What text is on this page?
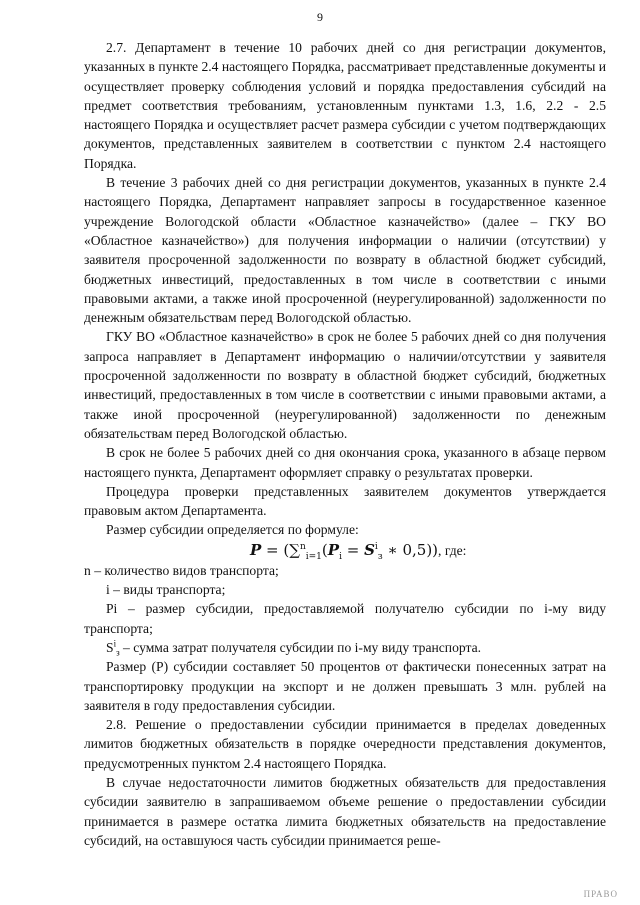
9

2.7. Департамент в течение 10 рабочих дней со дня регистрации документов, указанных в пункте 2.4 настоящего Порядка, рассматривает представленные документы и осуществляет проверку соблюдения условий и порядка предоставления субсидий на предмет соответствия требованиям, установленным пунктами 1.3, 1.6, 2.2 - 2.5 настоящего Порядка и осуществляет расчет размера субсидии с учетом подтверждающих документов, представленных заявителем в соответствии с пунктом 2.4 настоящего Порядка.

В течение 3 рабочих дней со дня регистрации документов, указанных в пункте 2.4 настоящего Порядка, Департамент направляет запросы в государственное казенное учреждение Вологодской области «Областное казначейство» (далее – ГКУ ВО «Областное казначейство») для получения информации о наличии (отсутствии) у заявителя просроченной задолженности по возврату в областной бюджет субсидий, бюджетных инвестиций, предоставленных в том числе в соответствии с иными правовыми актами, а также иной просроченной (неурегулированной) задолженности по денежным обязательствам перед Вологодской областью.

ГКУ ВО «Областное казначейство» в срок не более 5 рабочих дней со дня получения запроса направляет в Департамент информацию о наличии/отсутствии у заявителя просроченной задолженности по возврату в областной бюджет субсидий, бюджетных инвестиций, предоставленных в том числе в соответствии с иными правовыми актами, а также иной просроченной (неурегулированной) задолженности по денежным обязательствам перед Вологодской областью.

В срок не более 5 рабочих дней со дня окончания срока, указанного в абзаце первом настоящего пункта, Департамент оформляет справку о результатах проверки.

Процедура проверки представленных заявителем документов утверждается правовым актом Департамента.

Размер субсидии определяется по формуле:

$P = (\sum^n_{i=1}(P_i = S^i_з$ ∗ 0,5)), где:

n – количество видов транспорта;

i – виды транспорта;

Pi – размер субсидии, предоставляемой получателю субсидии по i-му виду транспорта;

$S^i_з$ – сумма затрат получателя субсидии по i-му виду транспорта.

Размер (Р) субсидии составляет 50 процентов от фактически понесенных затрат на транспортировку продукции на экспорт и не должен превышать 3 млн. рублей на заявителя в году предоставления субсидии.

2.8. Решение о предоставлении субсидии принимается в пределах доведенных лимитов бюджетных обязательств в порядке очередности представления документов, предусмотренных пунктом 2.4 настоящего Порядка.

В случае недостаточности лимитов бюджетных обязательств для предоставления субсидии заявителю в запрашиваемом объеме решение о предоставлении субсидии принимается в размере остатка лимита бюджетных обязательств на предоставление субсидий, на оставшуюся часть субсидии принимается реше-

ПРАВО
